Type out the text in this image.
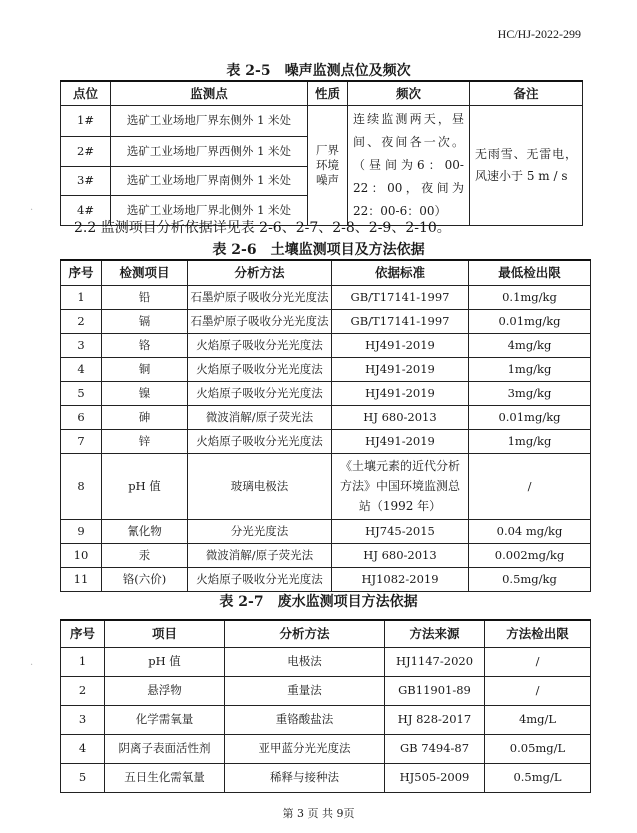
HC/HJ-2022-299
表 2-5　噪声监测点位及频次
点位	监测点	性质	频次	备注
1#	选矿工业场地厂界东侧外 1 米处	厂界环境噪声	连续监测两天，昼间、夜间各一次。（昼间为6：00-22：00，夜间为22：00-6：00）	无雨雪、无雷电，风速小于 5 m / s
2#	选矿工业场地厂界西侧外 1 米处			
3#	选矿工业场地厂界南侧外 1 米处			
4#	选矿工业场地厂界北侧外 1 米处			
2.2 监测项目分析依据详见表 2-6、2-7、2-8、2-9、2-10。
表 2-6　土壤监测项目及方法依据
序号	检测项目	分析方法	依据标准	最低检出限
1	铅	石墨炉原子吸收分光光度法	GB/T17141-1997	0.1mg/kg
2	镉	石墨炉原子吸收分光光度法	GB/T17141-1997	0.01mg/kg
3	铬	火焰原子吸收分光光度法	HJ491-2019	4mg/kg
4	铜	火焰原子吸收分光光度法	HJ491-2019	1mg/kg
5	镍	火焰原子吸收分光光度法	HJ491-2019	3mg/kg
6	砷	微波消解/原子荧光法	HJ 680-2013	0.01mg/kg
7	锌	火焰原子吸收分光光度法	HJ491-2019	1mg/kg
8	pH 值	玻璃电极法	《土壤元素的近代分析方法》中国环境监测总站（1992 年）	/
9	氰化物	分光光度法	HJ745-2015	0.04 mg/kg
10	汞	微波消解/原子荧光法	HJ 680-2013	0.002mg/kg
11	铬(六价)	火焰原子吸收分光光度法	HJ1082-2019	0.5mg/kg
表 2-7　废水监测项目方法依据
序号	项目	分析方法	方法来源	方法检出限
1	pH 值	电极法	HJ1147-2020	/
2	悬浮物	重量法	GB11901-89	/
3	化学需氧量	重铬酸盐法	HJ 828-2017	4mg/L
4	阴离子表面活性剂	亚甲蓝分光光度法	GB 7494-87	0.05mg/L
5	五日生化需氧量	稀释与接种法	HJ505-2009	0.5mg/L
第 3 页 共 9页
·
·
